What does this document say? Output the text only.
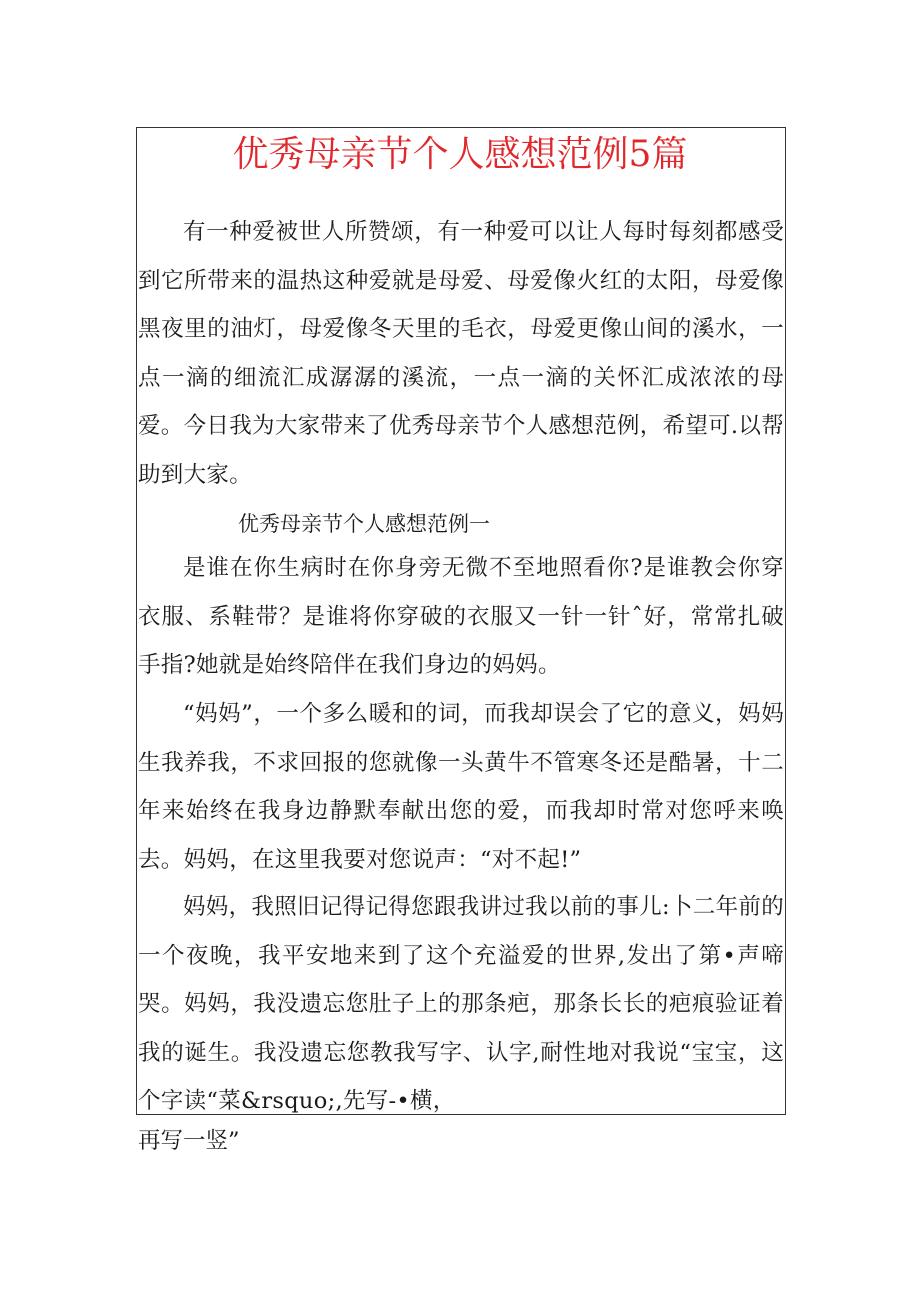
优秀母亲节个人感想范例5篇

有一种爱被世人所赞颂，有一种爱可以让人每时每刻都感受到它所带来的温热这种爱就是母爱、母爱像火红的太阳，母爱像黑夜里的油灯，母爱像冬天里的毛衣，母爱更像山间的溪水，一点一滴的细流汇成潺潺的溪流，一点一滴的关怀汇成浓浓的母爱。今日我为大家带来了优秀母亲节个人感想范例，希望可.以帮助到大家。

优秀母亲节个人感想范例一

是谁在你生病时在你身旁无微不至地照看你?是谁教会你穿衣服、系鞋带？是谁将你穿破的衣服又一针一针ˆ好，常常扎破手指?她就是始终陪伴在我们身边的妈妈。

“妈妈”，一个多么暖和的词，而我却误会了它的意义，妈妈生我养我，不求回报的您就像一头黄牛不管寒冬还是酷暑，十二年来始终在我身边静默奉献出您的爱，而我却时常对您呼来唤去。妈妈，在这里我要对您说声：“对不起!”

妈妈，我照旧记得记得您跟我讲过我以前的事儿:卜二年前的一个夜晚，我平安地来到了这个充溢爱的世界,发出了第•声啼哭。妈妈，我没遗忘您肚子上的那条疤，那条长长的疤痕验证着我的诞生。我没遗忘您教我写字、认字,耐性地对我说“宝宝，这个字读“菜&rsquo;,先写-•横，

再写一竖”
